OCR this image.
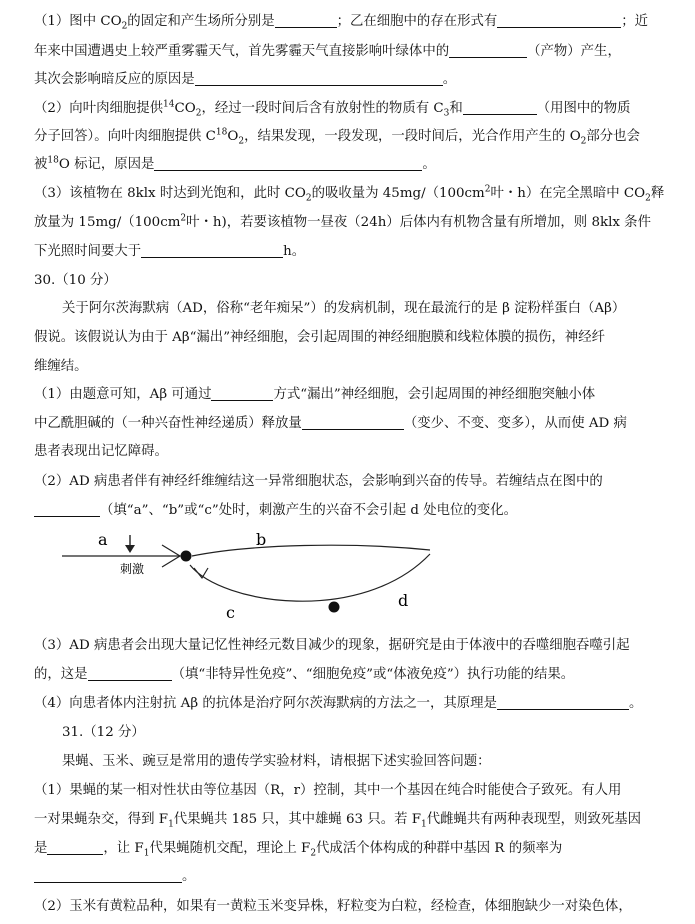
（1）图中 $CO_2$的固定和产生场所分别是	；乙在细胞中的存在形式有	；近
年来中国遭遇史上较严重雾霾天气，首先雾霾天气直接影响叶绿体中的	（产物）产生，
其次会影响暗反应的原因是	。
（2）向叶肉细胞提供$^{14}CO_2$，经过一段时间后含有放射性的物质有 $C_3$和	（用图中的物质
分子回答）。向叶肉细胞提供 $C^{18}O_2$，结果发现，一段发现，一段时间后，光合作用产生的 $O_2$部分也会
被$^{18}$O 标记，原因是	。
（3）该植物在 8klx 时达到光饱和，此时 $CO_2$的吸收量为 $45mg/(100cm^2$叶・h）在完全黑暗中 $CO_2$释
放量为 $15mg/(100cm^2$叶・h)，若要该植物一昼夜（24h）后体内有机物含量有所增加，则 8klx 条件
下光照时间要大于	h。
30.（10 分）
关于阿尔茨海默病（AD，俗称“老年痴呆”）的发病机制，现在最流行的是 β 淀粉样蛋白（Aβ）
假说。该假说认为由于 Aβ“漏出”神经细胞，会引起周围的神经细胞膜和线粒体膜的损伤，神经纤
维缠结。
（1）由题意可知，Aβ 可通过	方式“漏出”神经细胞，会引起周围的神经细胞突触小体
中乙酰胆碱的（一种兴奋性神经递质）释放量	（变少、不变、变多），从而使 AD 病
患者表现出记忆障碍。
（2）AD 病患者伴有神经纤维缠结这一异常细胞状态，会影响到兴奋的传导。若缠结点在图中的
（填“a”、“b”或“c”处时，刺激产生的兴奋不会引起 d 处电位的变化。
a	b
刺激
c
d
（3）AD 病患者会出现大量记忆性神经元数目减少的现象，据研究是由于体液中的吞噬细胞吞噬引起
的，这是	（填“非特异性免疫”、“细胞免疫”或“体液免疫”）执行功能的结果。
（4）向患者体内注射抗 Aβ 的抗体是治疗阿尔茨海默病的方法之一，其原理是	。
31.（12 分）
果蝇、玉米、豌豆是常用的遗传学实验材料，请根据下述实验回答问题：
（1）果蝇的某一相对性状由等位基因（R，r）控制，其中一个基因在纯合时能使合子致死。有人用
一对果蝇杂交，得到 $F_1$代果蝇共 185 只，其中雄蝇 63 只。若 $F_1$代雌蝇共有两种表现型，则致死基因
是	，让 $F_1$代果蝇随机交配，理论上 $F_2$代成活个体构成的种群中基因 R 的频率为
。
（2）玉米有黄粒品种，如果有一黄粒玉米变异株，籽粒变为白粒，经检查，体细胞缺少一对染色体，
